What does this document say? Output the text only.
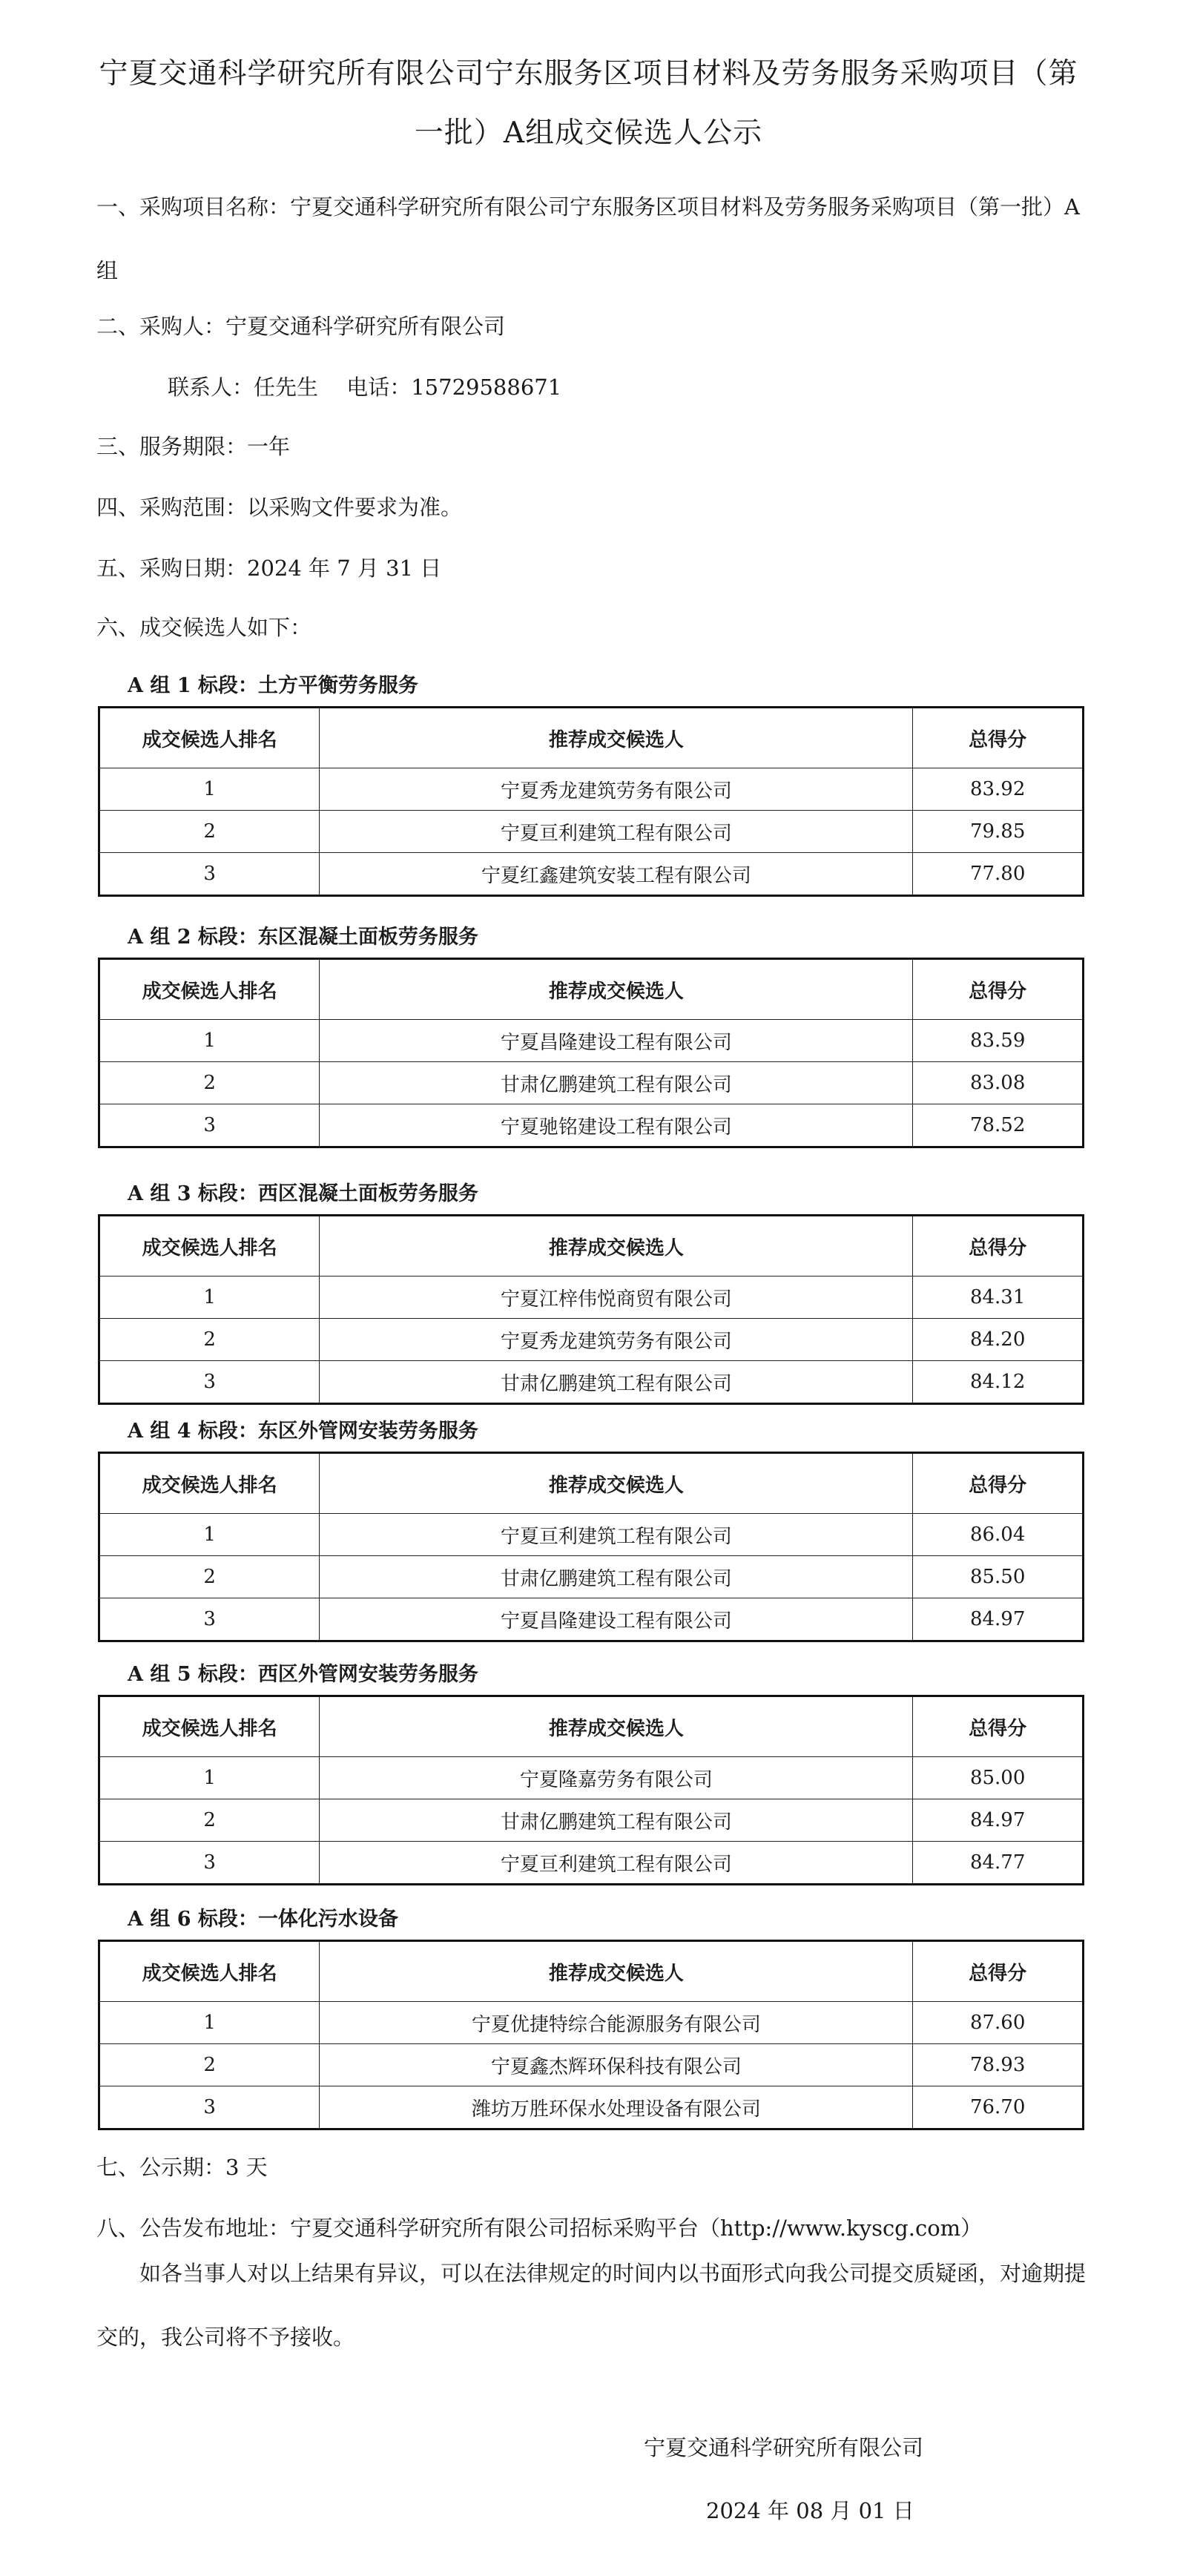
宁夏交通科学研究所有限公司宁东服务区项目材料及劳务服务采购项目（第一批）A组成交候选人公示
一、采购项目名称：宁夏交通科学研究所有限公司宁东服务区项目材料及劳务服务采购项目（第一批）A 组
二、采购人：宁夏交通科学研究所有限公司
联系人：任先生　 电话：15729588671
三、服务期限：一年
四、采购范围：以采购文件要求为准。
五、采购日期：2024 年 7 月 31 日
六、成交候选人如下：
A 组 1 标段：土方平衡劳务服务
成交候选人排名	推荐成交候选人	总得分
1	宁夏秀龙建筑劳务有限公司	83.92
2	宁夏亘利建筑工程有限公司	79.85
3	宁夏红鑫建筑安装工程有限公司	77.80
A 组 2 标段：东区混凝土面板劳务服务
成交候选人排名	推荐成交候选人	总得分
1	宁夏昌隆建设工程有限公司	83.59
2	甘肃亿鹏建筑工程有限公司	83.08
3	宁夏驰铭建设工程有限公司	78.52
A 组 3 标段：西区混凝土面板劳务服务
成交候选人排名	推荐成交候选人	总得分
1	宁夏江梓伟悦商贸有限公司	84.31
2	宁夏秀龙建筑劳务有限公司	84.20
3	甘肃亿鹏建筑工程有限公司	84.12
A 组 4 标段：东区外管网安装劳务服务
成交候选人排名	推荐成交候选人	总得分
1	宁夏亘利建筑工程有限公司	86.04
2	甘肃亿鹏建筑工程有限公司	85.50
3	宁夏昌隆建设工程有限公司	84.97
A 组 5 标段：西区外管网安装劳务服务
成交候选人排名	推荐成交候选人	总得分
1	宁夏隆嘉劳务有限公司	85.00
2	甘肃亿鹏建筑工程有限公司	84.97
3	宁夏亘利建筑工程有限公司	84.77
A 组 6 标段：一体化污水设备
成交候选人排名	推荐成交候选人	总得分
1	宁夏优捷特综合能源服务有限公司	87.60
2	宁夏鑫杰辉环保科技有限公司	78.93
3	潍坊万胜环保水处理设备有限公司	76.70
七、公示期：3 天
八、公告发布地址：宁夏交通科学研究所有限公司招标采购平台（http://www.kyscg.com）
如各当事人对以上结果有异议，可以在法律规定的时间内以书面形式向我公司提交质疑函，对逾期提交的，我公司将不予接收。
宁夏交通科学研究所有限公司
2024 年 08 月 01 日
